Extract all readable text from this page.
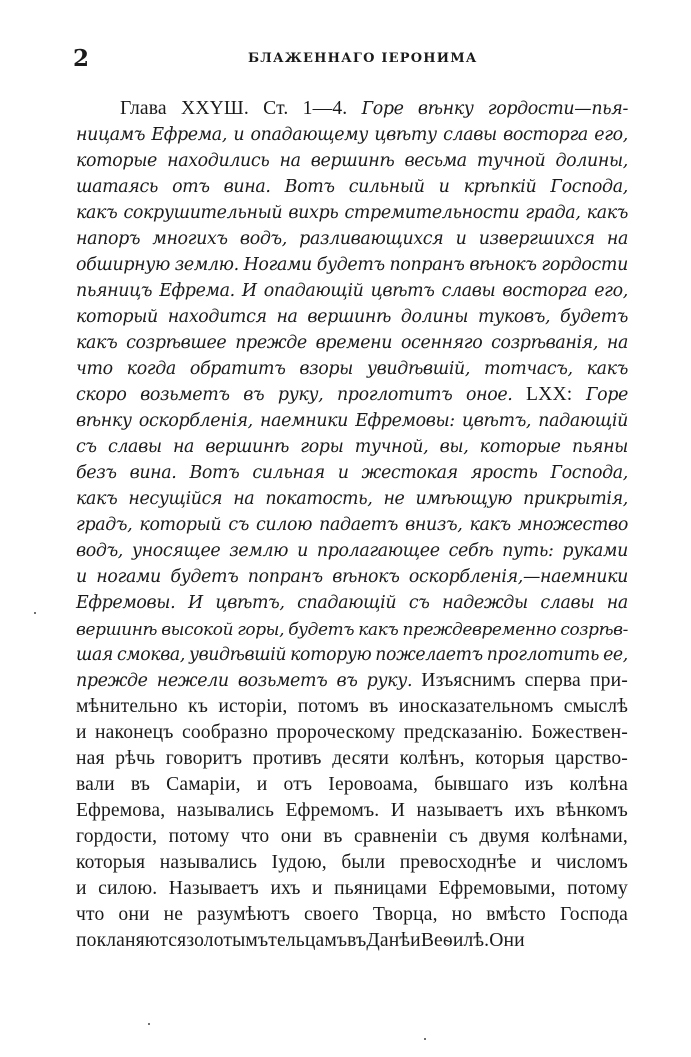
2	БЛАЖЕННАГО ІЕРОНИМА
Глава XXҮШ. Ст. 1—4. Горе вѣнку гордости—пья-
ницамъ Ефрема, и опадающему цвѣту славы восторга его,
которые находились на вершинѣ весьма тучной долины,
шатаясь отъ вина. Вотъ сильный и крѣпкій Господа,
какъ сокрушительный вихрь стремительности града, какъ
напоръ многихъ водъ, разливающихся и извергшихся на
обширную землю. Ногами будетъ попранъ вѣнокъ гордости
пьяницъ Ефрема. И опадающій цвѣтъ славы восторга его,
который находится на вершинѣ долины туковъ, будетъ
какъ созрѣвшее прежде времени осенняго созрѣванія, на
что когда обратитъ взоры увидѣвшій, тотчасъ, какъ
скоро возьметъ въ руку, проглотитъ оное. LXX: Горе
вѣнку оскорбленія, наемники Ефремовы: цвѣтъ, падающій
съ славы на вершинѣ горы тучной, вы, которые пьяны
безъ вина. Вотъ сильная и жестокая ярость Господа,
какъ несущійся на покатость, не имѣющую прикрытія,
градъ, который съ силою падаетъ внизъ, какъ множество
водъ, уносящее землю и пролагающее себѣ путь: руками
и ногами будетъ попранъ вѣнокъ оскорбленія,—наемники
Ефремовы. И цвѣтъ, спадающій съ надежды славы на
вершинѣ высокой горы, будетъ какъ преждевременно созрѣв-
шая смоква, увидѣвшій которую пожелаетъ проглотить ее,
прежде нежели возьметъ въ руку. Изъяснимъ сперва при-
мѣнительно къ исторіи, потомъ въ иносказательномъ смыслѣ
и наконецъ сообразно пророческому предсказанію. Божествен-
ная рѣчь говоритъ противъ десяти колѣнъ, которыя царство-
вали въ Самаріи, и отъ Іеровоама, бывшаго изъ колѣна
Ефремова, назывались Ефремомъ. И называетъ ихъ вѣнкомъ
гордости, потому что они въ сравненіи съ двумя колѣнами,
которыя назывались Іудою, были превосходнѣе и числомъ
и силою. Называетъ ихъ и пьяницами Ефремовыми, потому
что они не разумѣютъ своего Творца, но вмѣсто Господа
покланяются золотымъ тельцамъ въ Данѣ и Веѳилѣ. Они
